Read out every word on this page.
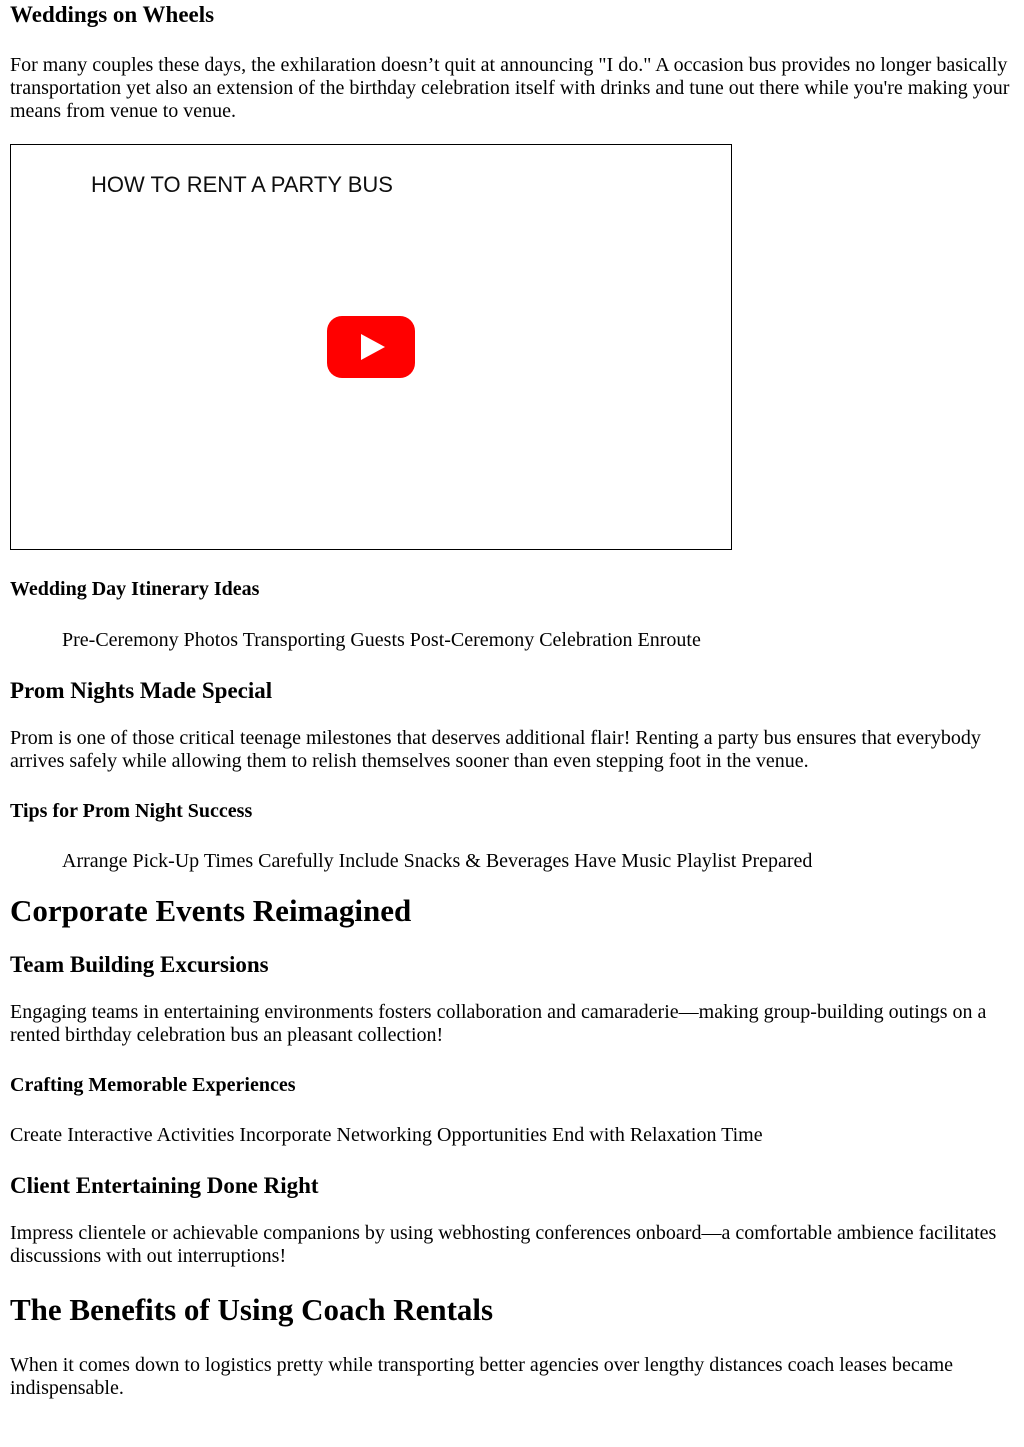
Weddings on Wheels

For many couples these days, the exhilaration doesn’t quit at announcing "I do." A occasion bus provides no longer basically transportation yet also an extension of the birthday celebration itself with drinks and tune out there while you're making your means from venue to venue.

HOW TO RENT A PARTY BUS
Wedding Day Itinerary Ideas

Pre-Ceremony Photos Transporting Guests Post-Ceremony Celebration Enroute

Prom Nights Made Special

Prom is one of those critical teenage milestones that deserves additional flair! Renting a party bus ensures that everybody arrives safely while allowing them to relish themselves sooner than even stepping foot in the venue.

Tips for Prom Night Success

Arrange Pick-Up Times Carefully Include Snacks & Beverages Have Music Playlist Prepared

Corporate Events Reimagined
Team Building Excursions

Engaging teams in entertaining environments fosters collaboration and camaraderie—making group-building outings on a rented birthday celebration bus an pleasant collection!

Crafting Memorable Experiences

Create Interactive Activities Incorporate Networking Opportunities End with Relaxation Time

Client Entertaining Done Right

Impress clientele or achievable companions by using webhosting conferences onboard—a comfortable ambience facilitates discussions with out interruptions!

The Benefits of Using Coach Rentals

When it comes down to logistics pretty while transporting better agencies over lengthy distances coach leases became indispensable.
